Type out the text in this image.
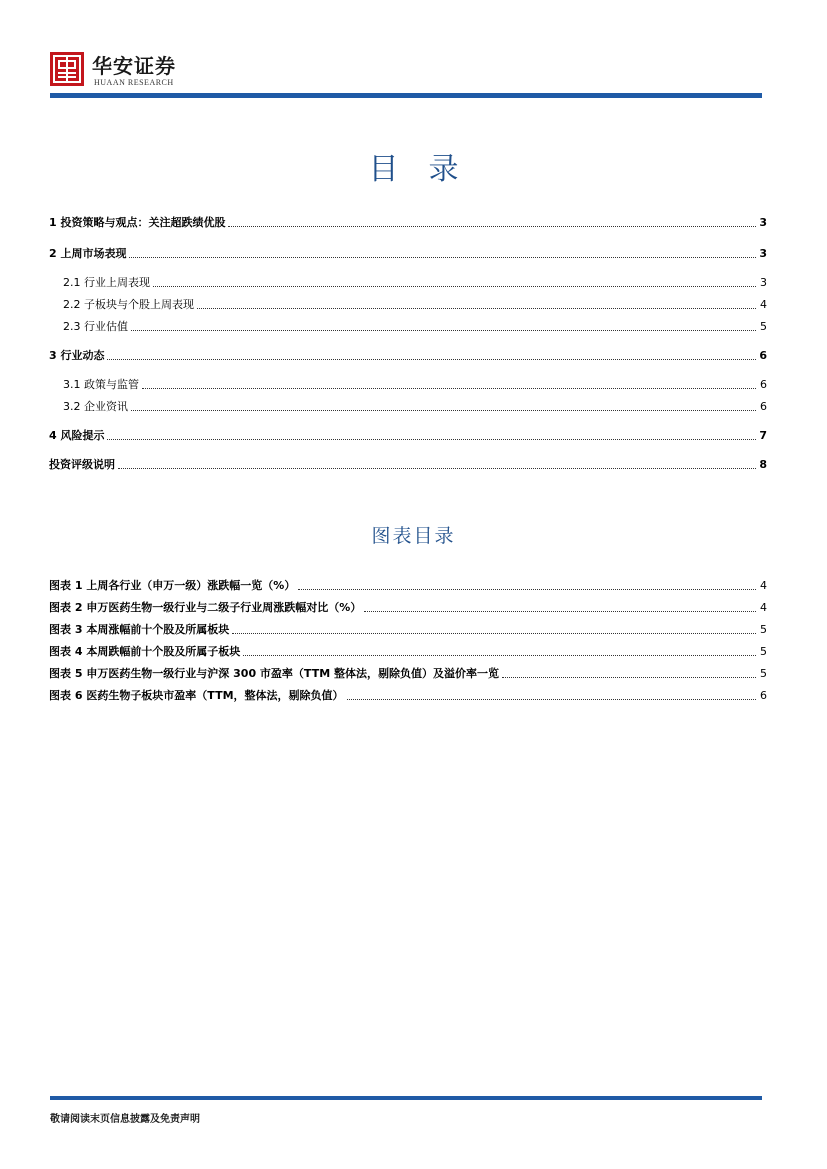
华安证券
HUAAN RESEARCH
目录
1 投资策略与观点：关注超跌绩优股	3
2 上周市场表现	3
2.1 行业上周表现	3
2.2 子板块与个股上周表现	4
2.3 行业估值	5
3 行业动态	6
3.1 政策与监管	6
3.2 企业资讯	6
4 风险提示	7
投资评级说明	8
图表目录
图表 1 上周各行业（申万一级）涨跌幅一览（%）	4
图表 2 申万医药生物一级行业与二级子行业周涨跌幅对比（%）	4
图表 3 本周涨幅前十个股及所属板块	5
图表 4 本周跌幅前十个股及所属子板块	5
图表 5 申万医药生物一级行业与沪深 300 市盈率（TTM 整体法，剔除负值）及溢价率一览	5
图表 6 医药生物子板块市盈率（TTM，整体法，剔除负值）	6
敬请阅读末页信息披露及免责声明
